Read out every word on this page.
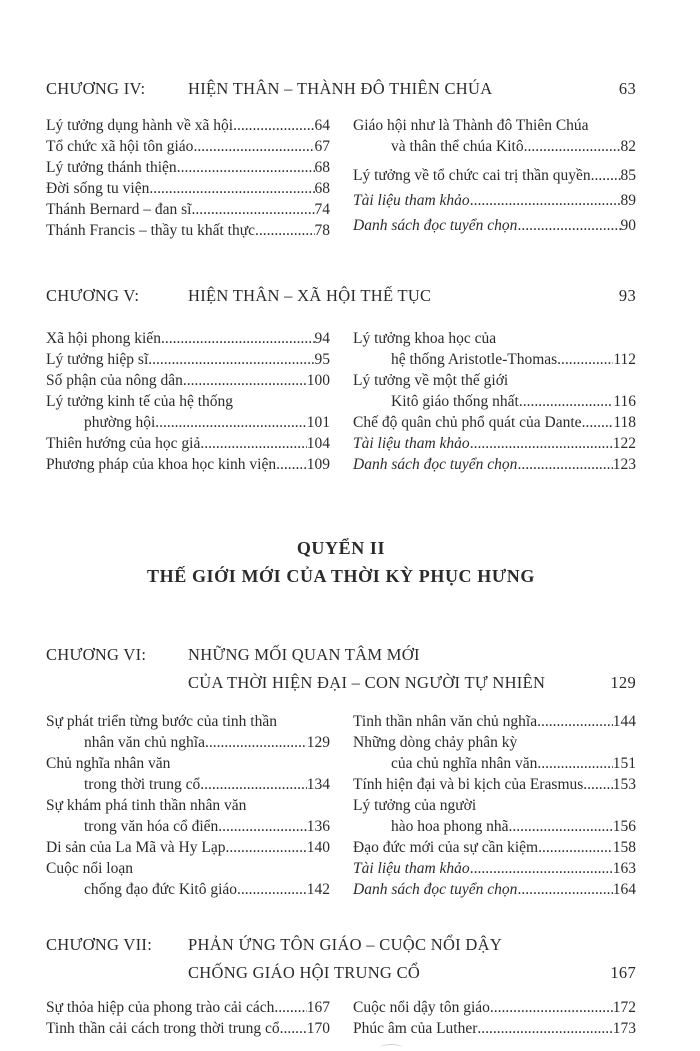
CHƯƠNG IV:	HIỆN THÂN – THÀNH ĐÔ THIÊN CHÚA	63
Lý tưởng dụng hành về xã hội .....	64
Tổ chức xã hội tôn giáo .....	67
Lý tưởng thánh thiện .....	68
Đời sống tu viện .....	68
Thánh Bernard – đan sĩ .....	74
Thánh Francis – thầy tu khất thực .....	78
Giáo hội như là Thành đô Thiên Chúa
và thân thể chúa Kitô .....	82
Lý tưởng về tổ chức cai trị thần quyền ..... 85
Tài liệu tham khảo .....	89
Danh sách đọc tuyển chọn .....	90
CHƯƠNG V:	HIỆN THÂN – XÃ HỘI THẾ TỤC	93
Xã hội phong kiến .....	94
Lý tưởng hiệp sĩ .....	95
Số phận của nông dân .....	100
Lý tưởng kinh tế của hệ thống
phường hội .....	101
Thiên hướng của học giả .....	104
Phương pháp của khoa học kinh viện ..... 109
Lý tưởng khoa học của
hệ thống Aristotle-Thomas .....	112
Lý tưởng về một thế giới
Kitô giáo thống nhất .....	116
Chế độ quân chủ phổ quát của Dante ..... 118
Tài liệu tham khảo .....	122
Danh sách đọc tuyển chọn .....	123
QUYỂN II
THẾ GIỚI MỚI CỦA THỜI KỲ PHỤC HƯNG
CHƯƠNG VI:	NHỮNG MỐI QUAN TÂM MỚI
CỦA THỜI HIỆN ĐẠI – CON NGƯỜI TỰ NHIÊN	129
Sự phát triển từng bước của tinh thần
nhân văn chủ nghĩa .....	129
Chủ nghĩa nhân văn
trong thời trung cổ .....	134
Sự khám phá tinh thần nhân văn
trong văn hóa cổ điển .....	136
Di sản của La Mã và Hy Lạp .....	140
Cuộc nổi loạn
chống đạo đức Kitô giáo .....	142
Tinh thần nhân văn chủ nghĩa .....	144
Những dòng chảy phân kỳ
của chủ nghĩa nhân văn .....	151
Tính hiện đại và bi kịch của Erasmus ..... 153
Lý tưởng của người
hào hoa phong nhã .....	156
Đạo đức mới của sự cần kiệm .....	158
Tài liệu tham khảo .....	163
Danh sách đọc tuyển chọn .....	164
CHƯƠNG VII: PHẢN ỨNG TÔN GIÁO – CUỘC NỔI DẬY
CHỐNG GIÁO HỘI TRUNG CỔ	167
Sự thỏa hiệp của phong trào cải cách ..... 167
Tinh thần cải cách trong thời trung cổ ..... 170
Cuộc nổi dậy tôn giáo .....	172
Phúc âm của Luther .....	173
